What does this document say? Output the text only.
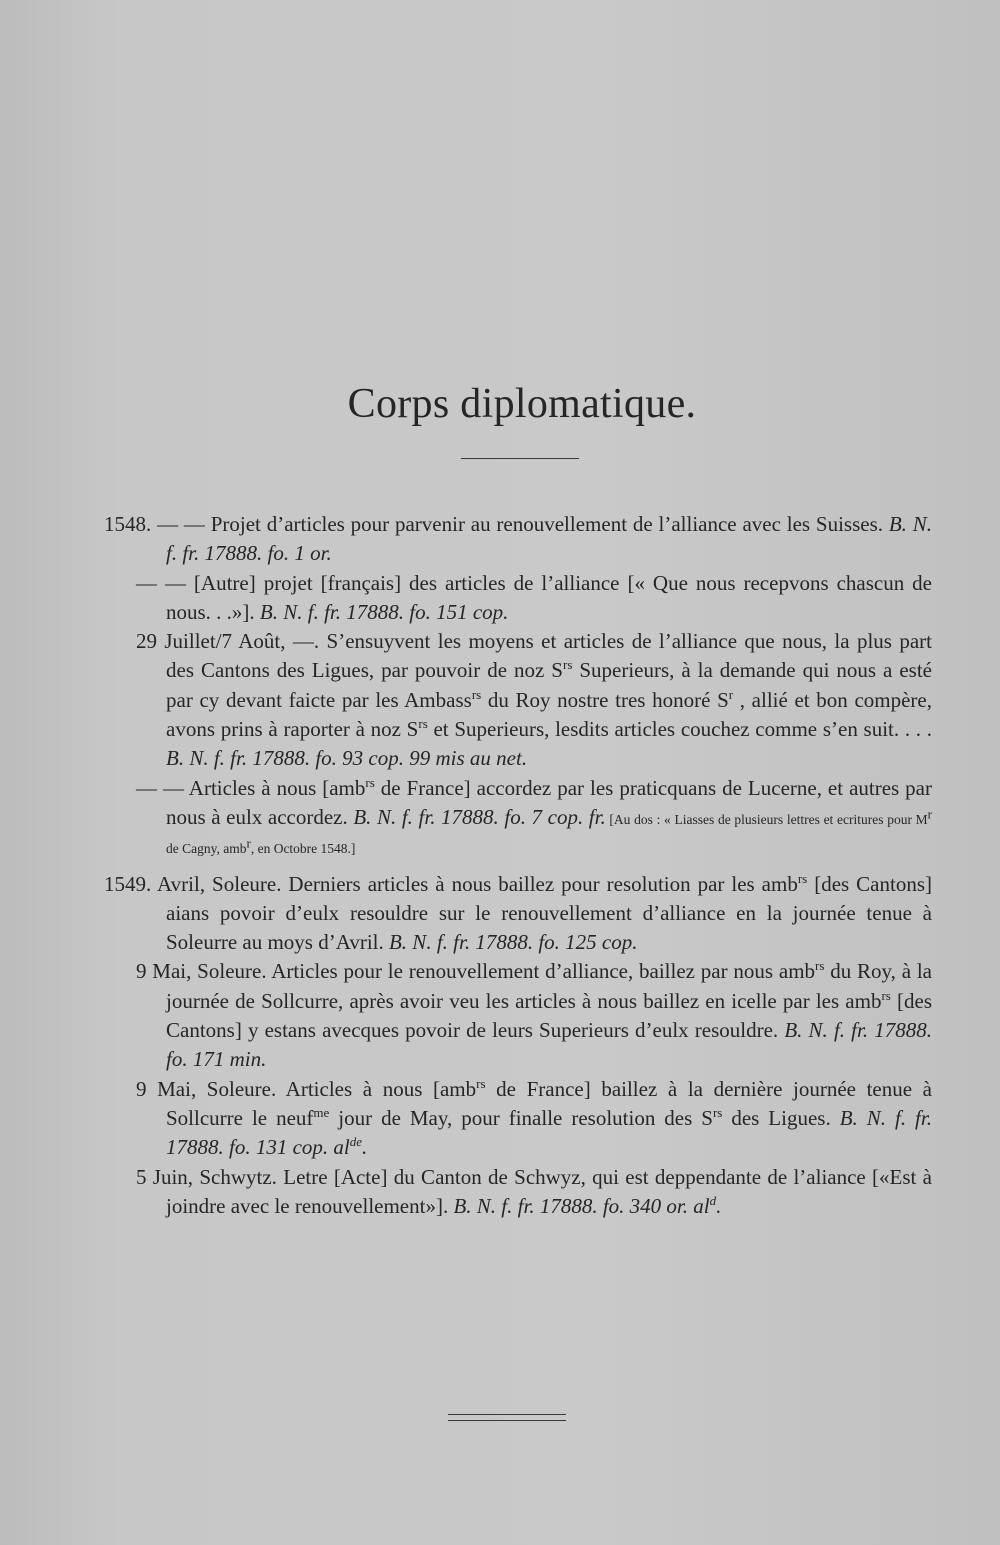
Corps diplomatique.

1548. — — Projet d’articles pour parvenir au renouvellement de l’alliance avec les Suisses. B. N. f. fr. 17888. fo. 1 or.

— — [Autre] projet [français] des articles de l’alliance [« Que nous recepvons chascun de nous. . .»]. B. N. f. fr. 17888. fo. 151 cop.

29 Juillet/7 Août, —. S’ensuyvent les moyens et articles de l’alliance que nous, la plus part des Cantons des Ligues, par pouvoir de noz $S^{rs}$ Superieurs, à la demande qui nous a esté par cy devant faicte par les Ambass$^{rs}$ du Roy nostre tres honoré $S^r$ , allié et bon compère, avons prins à raporter à noz $S^{rs}$ et Superieurs, lesdits articles couchez comme s’en suit. . . . B. N. f. fr. 17888. fo. 93 cop. 99 mis au net.

— — Articles à nous [amb$^{rs}$ de France] accordez par les praticquans de Lucerne, et autres par nous à eulx accordez. B. N. f. fr. 17888. fo. 7 cop. fr. [Au dos : « Liasses de plusieurs lettres et ecritures pour $M^r$ de Cagny, amb$^r$, en Octobre 1548.]

1549. Avril, Soleure. Derniers articles à nous baillez pour resolution par les amb$^{rs}$ [des Cantons] aians povoir d’eulx resouldre sur le renouvellement d’alliance en la journée tenue à Soleurre au moys d’Avril. B. N. f. fr. 17888. fo. 125 cop.

9 Mai, Soleure. Articles pour le renouvellement d’alliance, baillez par nous amb$^{rs}$ du Roy, à la journée de Sollcurre, après avoir veu les articles à nous baillez en icelle par les amb$^{rs}$ [des Cantons] y estans avecques povoir de leurs Superieurs d’eulx resouldre. B. N. f. fr. 17888. fo. 171 min.

9 Mai, Soleure. Articles à nous [amb$^{rs}$ de France] baillez à la dernière journée tenue à Sollcurre le neuf$^{me}$ jour de May, pour finalle resolution des $S^{rs}$ des Ligues. B. N. f. fr. 17888. fo. 131 cop. al$^{de}$.

5 Juin, Schwytz. Letre [Acte] du Canton de Schwyz, qui est deppendante de l’aliance [«Est à joindre avec le renouvellement»]. B. N. f. fr. 17888. fo. 340 or. al$^d$.
